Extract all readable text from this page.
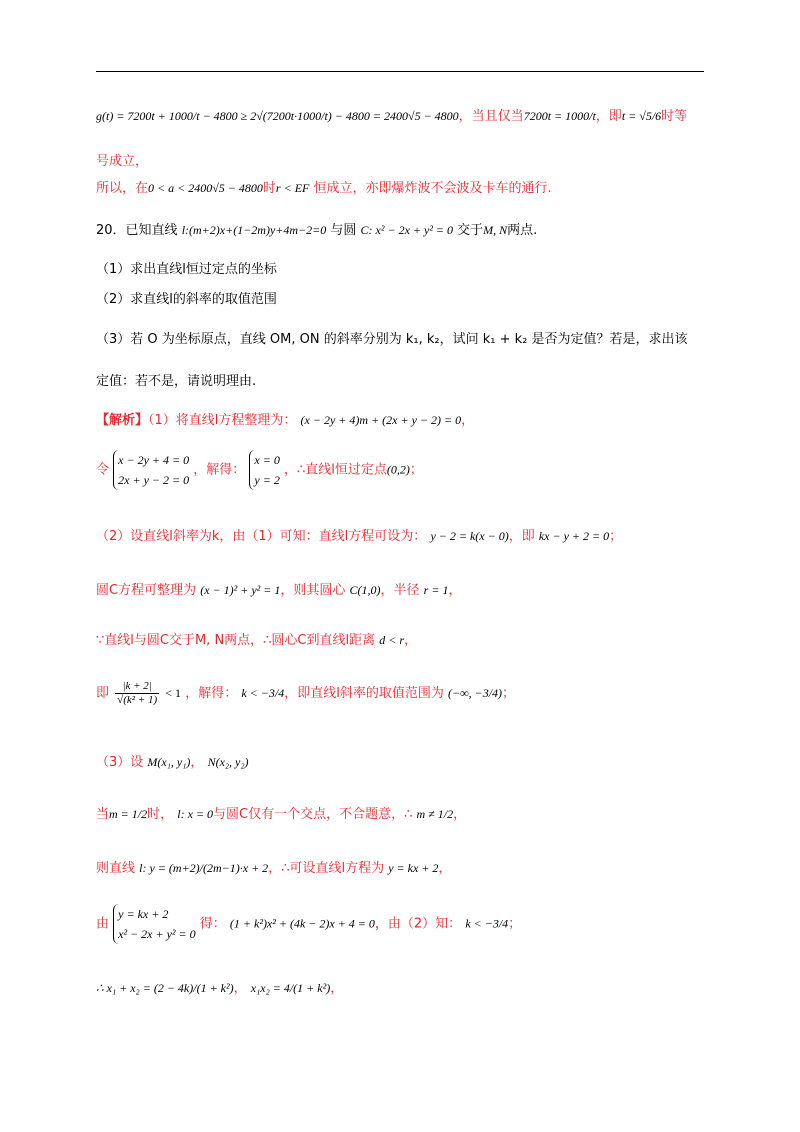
g(t) = 7200t + 1000/t − 4800 ≥ 2√(7200t·1000/t) − 4800 = 2400√5 − 4800，当且仅当7200t = 1000/t，即t = √5/6时等
号成立，
所以，在0 < a < 2400√5 − 4800时r < EF 恒成立，亦即爆炸波不会波及卡车的通行.
20．已知直线 l:(m+2)x+(1−2m)y+4m−2=0 与圆 C: x² − 2x + y² = 0 交于M, N两点.
（1）求出直线l恒过定点的坐标
（2）求直线l的斜率的取值范围
（3）若 O 为坐标原点，直线 OM, ON 的斜率分别为 k₁, k₂，试问 k₁ + k₂ 是否为定值？若是，求出该
定值：若不是，请说明理由.
【解析】（1）将直线l方程整理为： (x − 2y + 4)m + (2x + y − 2) = 0，
令
x − 2y + 4 = 0
2x + y − 2 = 0
，解得：
x = 0
y = 2
，∴直线l恒过定点(0,2)；
（2）设直线l斜率为k，由（1）可知：直线l方程可设为： y − 2 = k(x − 0)，即 kx − y + 2 = 0；
圆C方程可整理为 (x − 1)² + y² = 1，则其圆心 C(1,0)，半径 r = 1，
∵直线l与圆C交于M, N两点，∴圆心C到直线l距离 d < r，
即 $\frac{|k + 2|}{\text{√(k² + 1)}} < 1$ ，解得： k < −3/4，即直线l斜率的取值范围为 (−∞, −3/4)；
（3）设 M(x₁, y₁)， N(x₂, y₂)
当m = 1/2时， l: x = 0与圆C仅有一个交点，不合题意，∴ m ≠ 1/2，
则直线 l: y = (m+2)/(2m−1)·x + 2，∴可设直线l方程为 y = kx + 2，
由
y = kx + 2
x² − 2x + y² = 0
得： (1 + k²)x² + (4k − 2)x + 4 = 0，由（2）知： k < −3/4；
∴ x₁ + x₂ = (2 − 4k)/(1 + k²)， x₁x₂ = 4/(1 + k²)，
